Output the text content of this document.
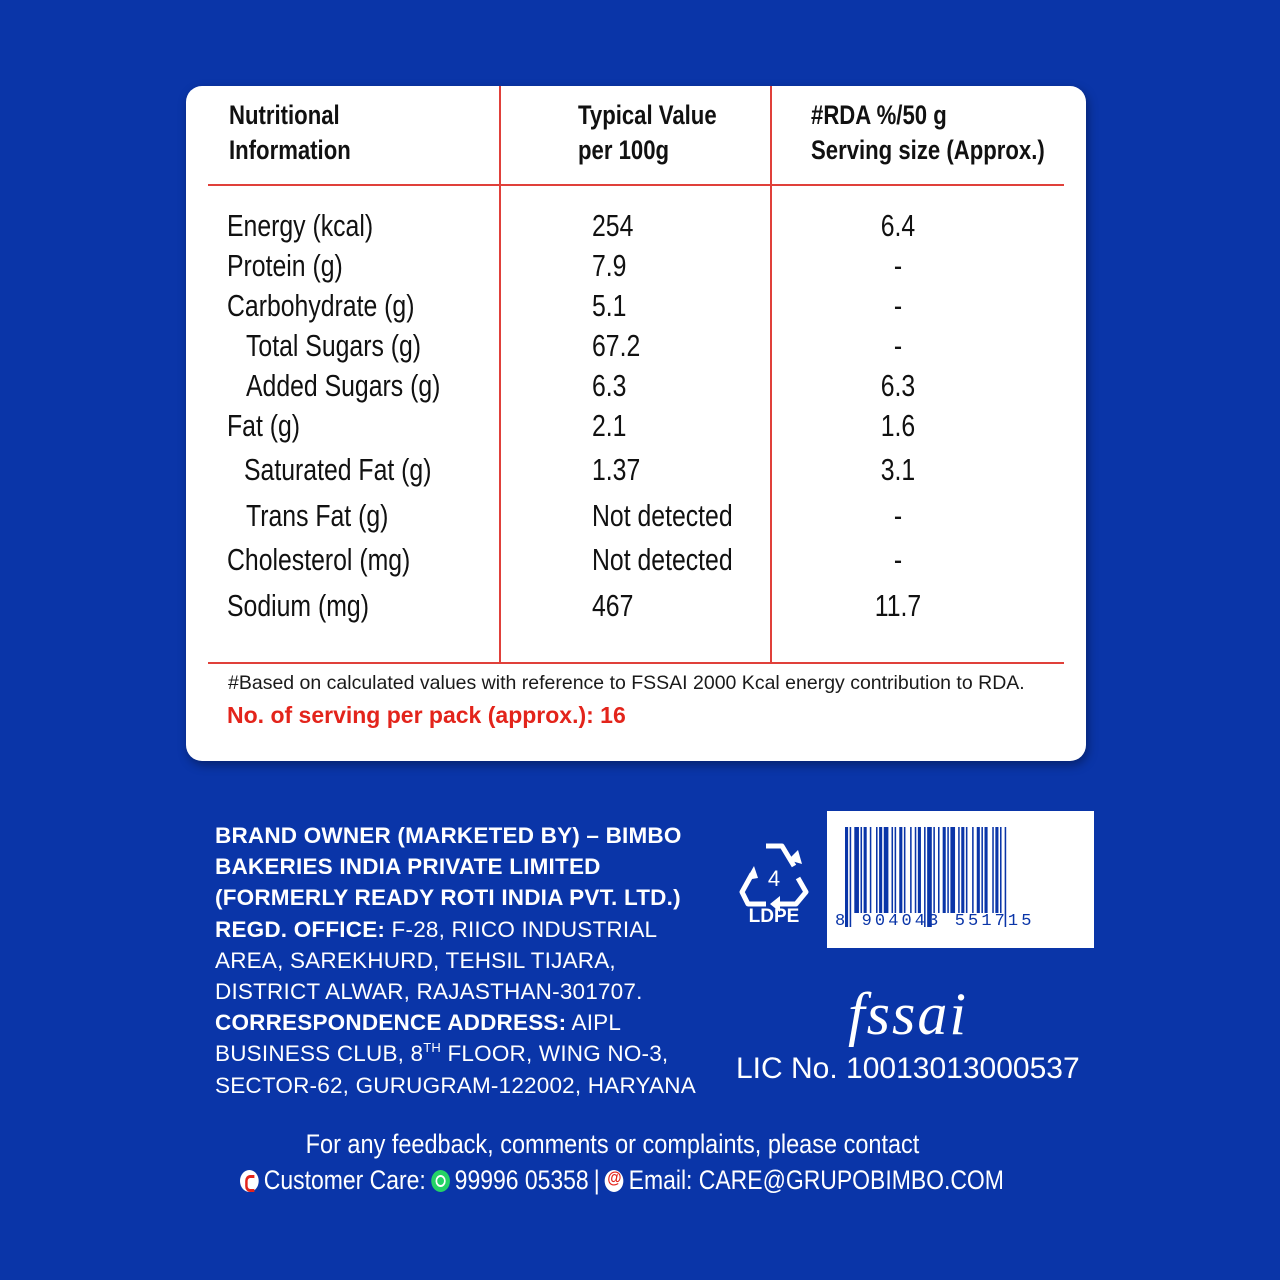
Nutritional
Information
Typical Value
per 100g
#RDA %/50 g
Serving size (Approx.)
Energy (kcal)	254	6.4
Protein (g)	7.9	-
Carbohydrate (g)	5.1	-
Total Sugars (g)	67.2	-
Added Sugars (g)	6.3	6.3
Fat (g)	2.1	1.6
Saturated Fat (g)	1.37	3.1
Trans Fat (g)	Not detected	-
Cholesterol (mg)	Not detected	-
Sodium (mg)	467	11.7
#Based on calculated values with reference to FSSAI 2000 Kcal energy contribution to RDA.
No. of serving per pack (approx.): 16
BRAND OWNER (MARKETED BY) – BIMBO
BAKERIES INDIA PRIVATE LIMITED
(FORMERLY READY ROTI INDIA PVT. LTD.)
REGD. OFFICE: F-28, RIICO INDUSTRIAL
AREA, SAREKHURD, TEHSIL TIJARA,
DISTRICT ALWAR, RAJASTHAN-301707.
CORRESPONDENCE ADDRESS: AIPL
BUSINESS CLUB, 8TH FLOOR, WING NO-3,
SECTOR-62, GURUGRAM-122002, HARYANA
4
LDPE	8 904043 551715
fssai
LIC No. 10013013000537
For any feedback, comments or complaints, please contact
Customer Care: 99996 05358 |
@ Email: CARE@GRUPOBIMBO.COM
